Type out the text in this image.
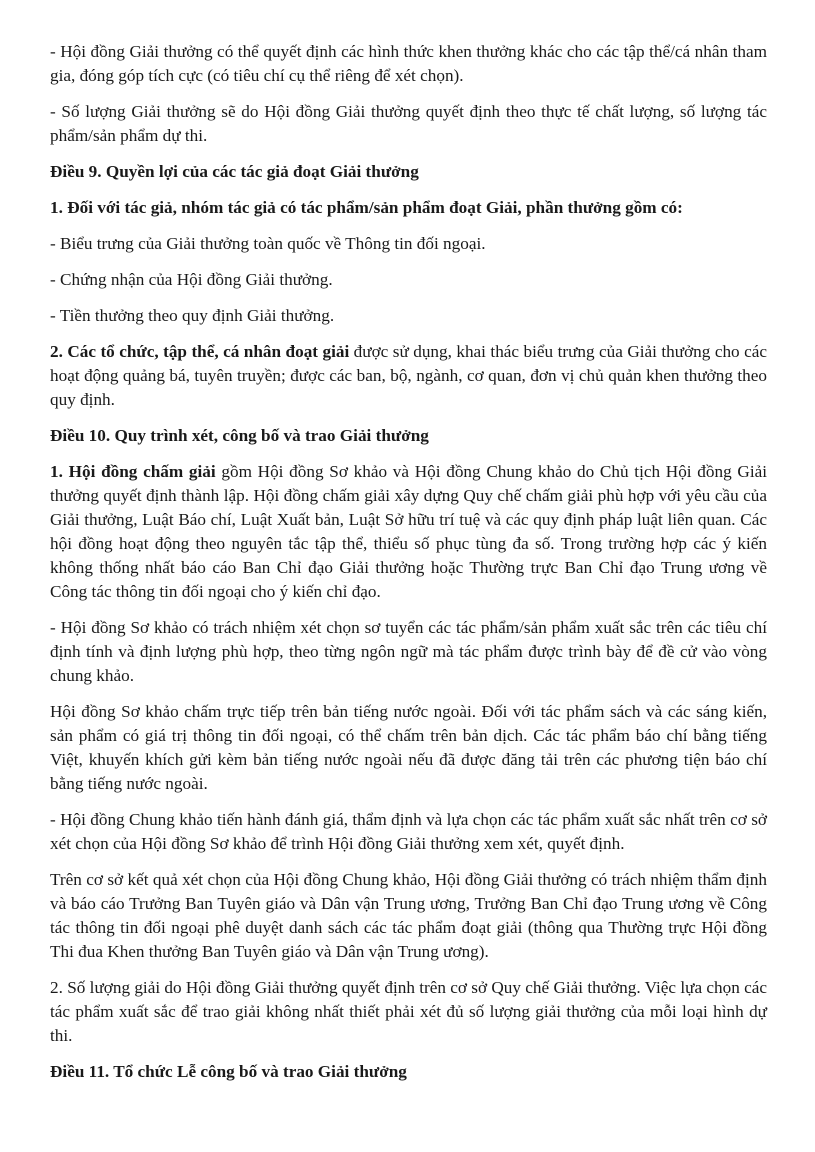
- Hội đồng Giải thưởng có thể quyết định các hình thức khen thưởng khác cho các tập thể/cá nhân tham gia, đóng góp tích cực (có tiêu chí cụ thể riêng để xét chọn).

- Số lượng Giải thưởng sẽ do Hội đồng Giải thưởng quyết định theo thực tế chất lượng, số lượng tác phẩm/sản phẩm dự thi.

Điều 9. Quyền lợi của các tác giả đoạt Giải thưởng

1. Đối với tác giả, nhóm tác giả có tác phẩm/sản phẩm đoạt Giải, phần thưởng gồm có:

- Biểu trưng của Giải thưởng toàn quốc về Thông tin đối ngoại.

- Chứng nhận của Hội đồng Giải thưởng.

- Tiền thưởng theo quy định Giải thưởng.

2. Các tổ chức, tập thể, cá nhân đoạt giải được sử dụng, khai thác biểu trưng của Giải thưởng cho các hoạt động quảng bá, tuyên truyền; được các ban, bộ, ngành, cơ quan, đơn vị chủ quản khen thưởng theo quy định.

Điều 10. Quy trình xét, công bố và trao Giải thưởng

1. Hội đồng chấm giải gồm Hội đồng Sơ khảo và Hội đồng Chung khảo do Chủ tịch Hội đồng Giải thưởng quyết định thành lập. Hội đồng chấm giải xây dựng Quy chế chấm giải phù hợp với yêu cầu của Giải thưởng, Luật Báo chí, Luật Xuất bản, Luật Sở hữu trí tuệ và các quy định pháp luật liên quan. Các hội đồng hoạt động theo nguyên tắc tập thể, thiểu số phục tùng đa số. Trong trường hợp các ý kiến không thống nhất báo cáo Ban Chỉ đạo Giải thưởng hoặc Thường trực Ban Chỉ đạo Trung ương về Công tác thông tin đối ngoại cho ý kiến chỉ đạo.

- Hội đồng Sơ khảo có trách nhiệm xét chọn sơ tuyển các tác phẩm/sản phẩm xuất sắc trên các tiêu chí định tính và định lượng phù hợp, theo từng ngôn ngữ mà tác phẩm được trình bày để đề cử vào vòng chung khảo.

Hội đồng Sơ khảo chấm trực tiếp trên bản tiếng nước ngoài. Đối với tác phẩm sách và các sáng kiến, sản phẩm có giá trị thông tin đối ngoại, có thể chấm trên bản dịch. Các tác phẩm báo chí bằng tiếng Việt, khuyến khích gửi kèm bản tiếng nước ngoài nếu đã được đăng tải trên các phương tiện báo chí bằng tiếng nước ngoài.

- Hội đồng Chung khảo tiến hành đánh giá, thẩm định và lựa chọn các tác phẩm xuất sắc nhất trên cơ sở xét chọn của Hội đồng Sơ khảo để trình Hội đồng Giải thưởng xem xét, quyết định.

Trên cơ sở kết quả xét chọn của Hội đồng Chung khảo, Hội đồng Giải thưởng có trách nhiệm thẩm định và báo cáo Trưởng Ban Tuyên giáo và Dân vận Trung ương, Trưởng Ban Chỉ đạo Trung ương về Công tác thông tin đối ngoại phê duyệt danh sách các tác phẩm đoạt giải (thông qua Thường trực Hội đồng Thi đua Khen thưởng Ban Tuyên giáo và Dân vận Trung ương).

2. Số lượng giải do Hội đồng Giải thưởng quyết định trên cơ sở Quy chế Giải thưởng. Việc lựa chọn các tác phẩm xuất sắc để trao giải không nhất thiết phải xét đủ số lượng giải thưởng của mỗi loại hình dự thi.

Điều 11. Tổ chức Lễ công bố và trao Giải thưởng
